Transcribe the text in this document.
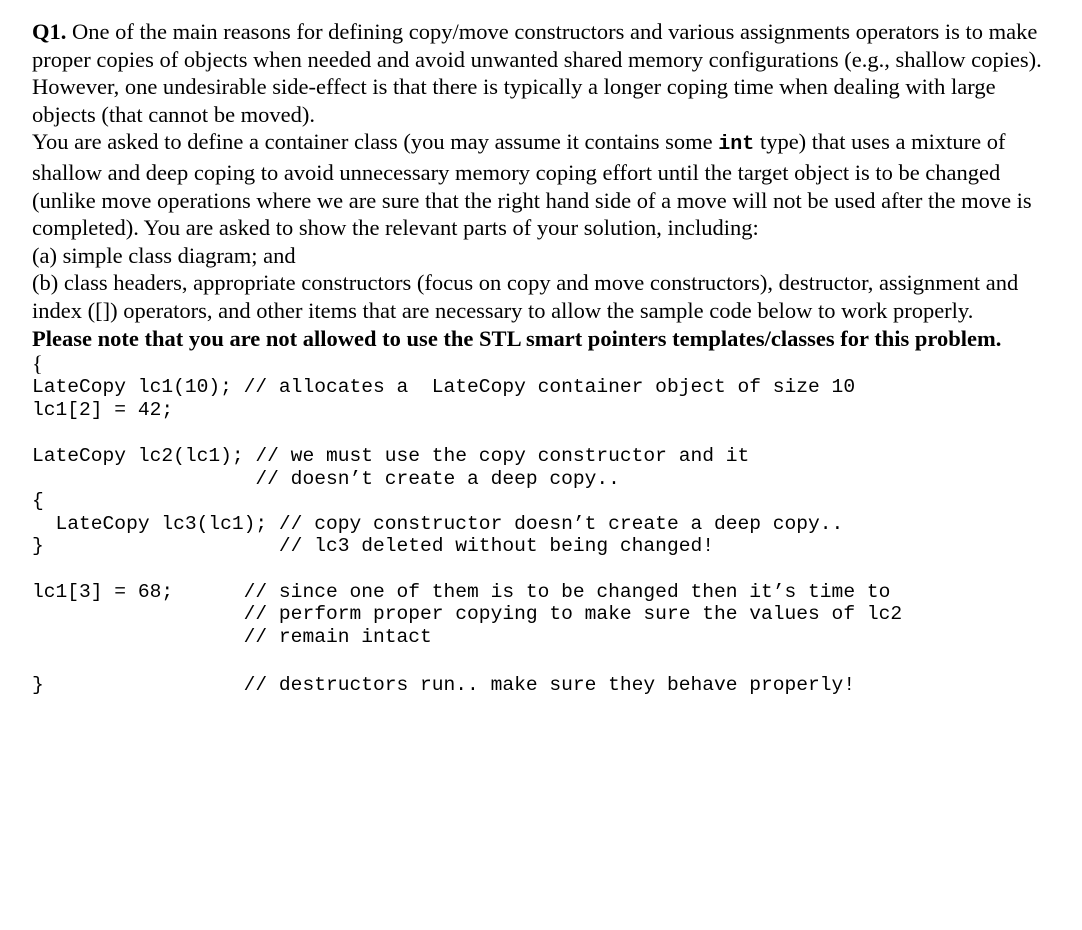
Q1. One of the main reasons for defining copy/move constructors and various assignments operators is to make proper copies of objects when needed and avoid unwanted shared memory configurations (e.g., shallow copies). However, one undesirable side-effect is that there is typically a longer coping time when dealing with large objects (that cannot be moved).

You are asked to define a container class (you may assume it contains some int type) that uses a mixture of shallow and deep coping to avoid unnecessary memory coping effort until the target object is to be changed (unlike move operations where we are sure that the right hand side of a move will not be used after the move is completed). You are asked to show the relevant parts of your solution, including:

(a) simple class diagram; and

(b) class headers, appropriate constructors (focus on copy and move constructors), destructor, assignment and index ([]) operators, and other items that are necessary to allow the sample code below to work properly.

Please note that you are not allowed to use the STL smart pointers templates/classes for this problem.

{

LateCopy lc1(10); // allocates a  LateCopy container object of size 10
lc1[2] = 42;
LateCopy lc2(lc1); // we must use the copy constructor and it
// doesn’t create a deep copy..
{
LateCopy lc3(lc1); // copy constructor doesn’t create a deep copy..
}                    // lc3 deleted without being changed!
lc1[3] = 68;      // since one of them is to be changed then it’s time to
// perform proper copying to make sure the values of lc2
// remain intact
}                 // destructors run.. make sure they behave properly!
